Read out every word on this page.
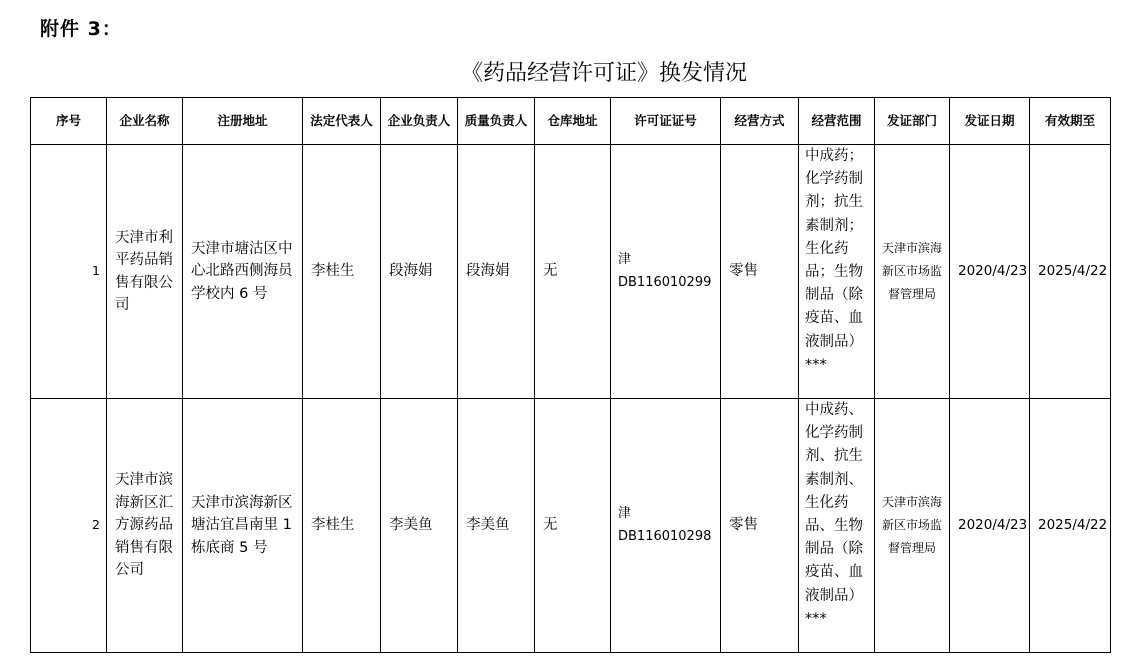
附件 3：
《药品经营许可证》换发情况
序号	企业名称	注册地址	法定代表人	企业负责人	质量负责人	仓库地址	许可证证号	经营方式	经营范围	发证部门	发证日期	有效期至
1	天津市利平药品销售有限公司	天津市塘沽区中心北路西侧海员学校内 6 号	李桂生	段海娟	段海娟	无	津 DB116010299	零售	中成药；化学药制剂；抗生素制剂；生化药品；生物制品（除疫苗、血液制品）***	天津市滨海新区市场监督管理局	2020/4/23	2025/4/22
2	天津市滨海新区汇方源药品销售有限公司	天津市滨海新区塘沽宜昌南里 1 栋底商 5 号	李桂生	李美鱼	李美鱼	无	津 DB116010298	零售	中成药、化学药制剂、抗生素制剂、生化药品、生物制品（除疫苗、血液制品）***	天津市滨海新区市场监督管理局	2020/4/23	2025/4/22
